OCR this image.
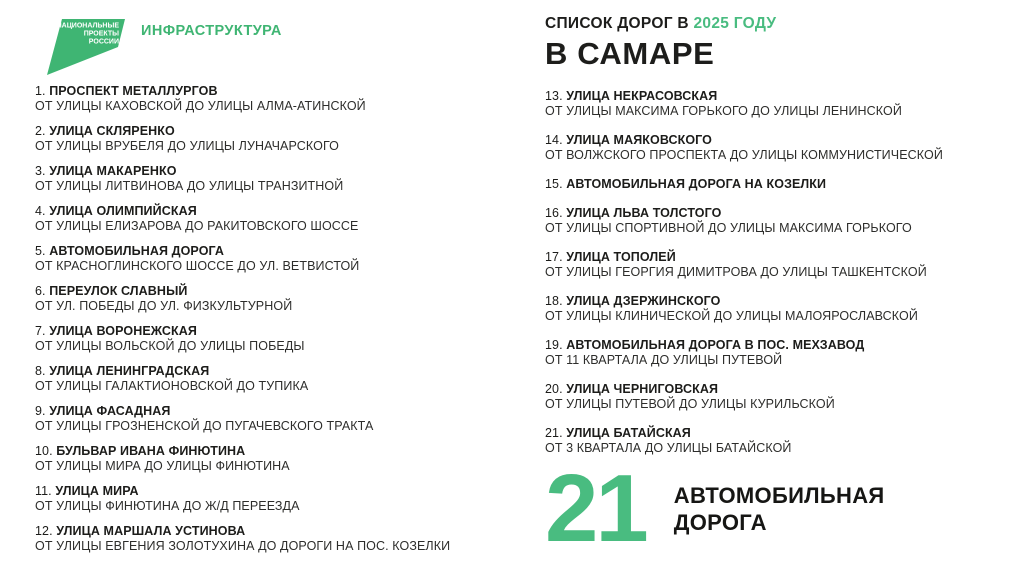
НАЦИОНАЛЬНЫЕ
ПРОЕКТЫ
РОССИИ
ИНФРАСТРУКТУРА
1. ПРОСПЕКТ МЕТАЛЛУРГОВ
ОТ УЛИЦЫ КАХОВСКОЙ ДО УЛИЦЫ АЛМА-АТИНСКОЙ
2. УЛИЦА СКЛЯРЕНКО
ОТ УЛИЦЫ ВРУБЕЛЯ ДО УЛИЦЫ ЛУНАЧАРСКОГО
3. УЛИЦА МАКАРЕНКО
ОТ УЛИЦЫ ЛИТВИНОВА ДО УЛИЦЫ ТРАНЗИТНОЙ
4. УЛИЦА ОЛИМПИЙСКАЯ
ОТ УЛИЦЫ ЕЛИЗАРОВА ДО РАКИТОВСКОГО ШОССЕ
5. АВТОМОБИЛЬНАЯ ДОРОГА
ОТ КРАСНОГЛИНСКОГО ШОССЕ ДО УЛ. ВЕТВИСТОЙ
6. ПЕРЕУЛОК СЛАВНЫЙ
ОТ УЛ. ПОБЕДЫ ДО УЛ. ФИЗКУЛЬТУРНОЙ
7. УЛИЦА ВОРОНЕЖСКАЯ
ОТ УЛИЦЫ ВОЛЬСКОЙ ДО УЛИЦЫ ПОБЕДЫ
8. УЛИЦА ЛЕНИНГРАДСКАЯ
ОТ УЛИЦЫ ГАЛАКТИОНОВСКОЙ ДО ТУПИКА
9. УЛИЦА ФАСАДНАЯ
ОТ УЛИЦЫ ГРОЗНЕНСКОЙ ДО ПУГАЧЕВСКОГО ТРАКТА
10. БУЛЬВАР ИВАНА ФИНЮТИНА
ОТ УЛИЦЫ МИРА ДО УЛИЦЫ ФИНЮТИНА
11. УЛИЦА МИРА
ОТ УЛИЦЫ ФИНЮТИНА ДО Ж/Д ПЕРЕЕЗДА
12. УЛИЦА МАРШАЛА УСТИНОВА
ОТ УЛИЦЫ ЕВГЕНИЯ ЗОЛОТУХИНА ДО ДОРОГИ НА ПОС. КОЗЕЛКИ
СПИСОК ДОРОГ В 2025 ГОДУ
В САМАРЕ
13. УЛИЦА НЕКРАСОВСКАЯ
ОТ УЛИЦЫ МАКСИМА ГОРЬКОГО ДО УЛИЦЫ ЛЕНИНСКОЙ
14. УЛИЦА МАЯКОВСКОГО
ОТ ВОЛЖСКОГО ПРОСПЕКТА ДО УЛИЦЫ КОММУНИСТИЧЕСКОЙ
15. АВТОМОБИЛЬНАЯ ДОРОГА НА КОЗЕЛКИ
16. УЛИЦА ЛЬВА ТОЛСТОГО
ОТ УЛИЦЫ СПОРТИВНОЙ ДО УЛИЦЫ МАКСИМА ГОРЬКОГО
17. УЛИЦА ТОПОЛЕЙ
ОТ УЛИЦЫ ГЕОРГИЯ ДИМИТРОВА ДО УЛИЦЫ ТАШКЕНТСКОЙ
18. УЛИЦА ДЗЕРЖИНСКОГО
ОТ УЛИЦЫ КЛИНИЧЕСКОЙ ДО УЛИЦЫ МАЛОЯРОСЛАВСКОЙ
19. АВТОМОБИЛЬНАЯ ДОРОГА В ПОС. МЕХЗАВОД
ОТ 11 КВАРТАЛА ДО УЛИЦЫ ПУТЕВОЙ
20. УЛИЦА ЧЕРНИГОВСКАЯ
ОТ УЛИЦЫ ПУТЕВОЙ ДО УЛИЦЫ КУРИЛЬСКОЙ
21. УЛИЦА БАТАЙСКАЯ
ОТ 3 КВАРТАЛА ДО УЛИЦЫ БАТАЙСКОЙ
21 АВТОМОБИЛЬНАЯ
ДОРОГА
